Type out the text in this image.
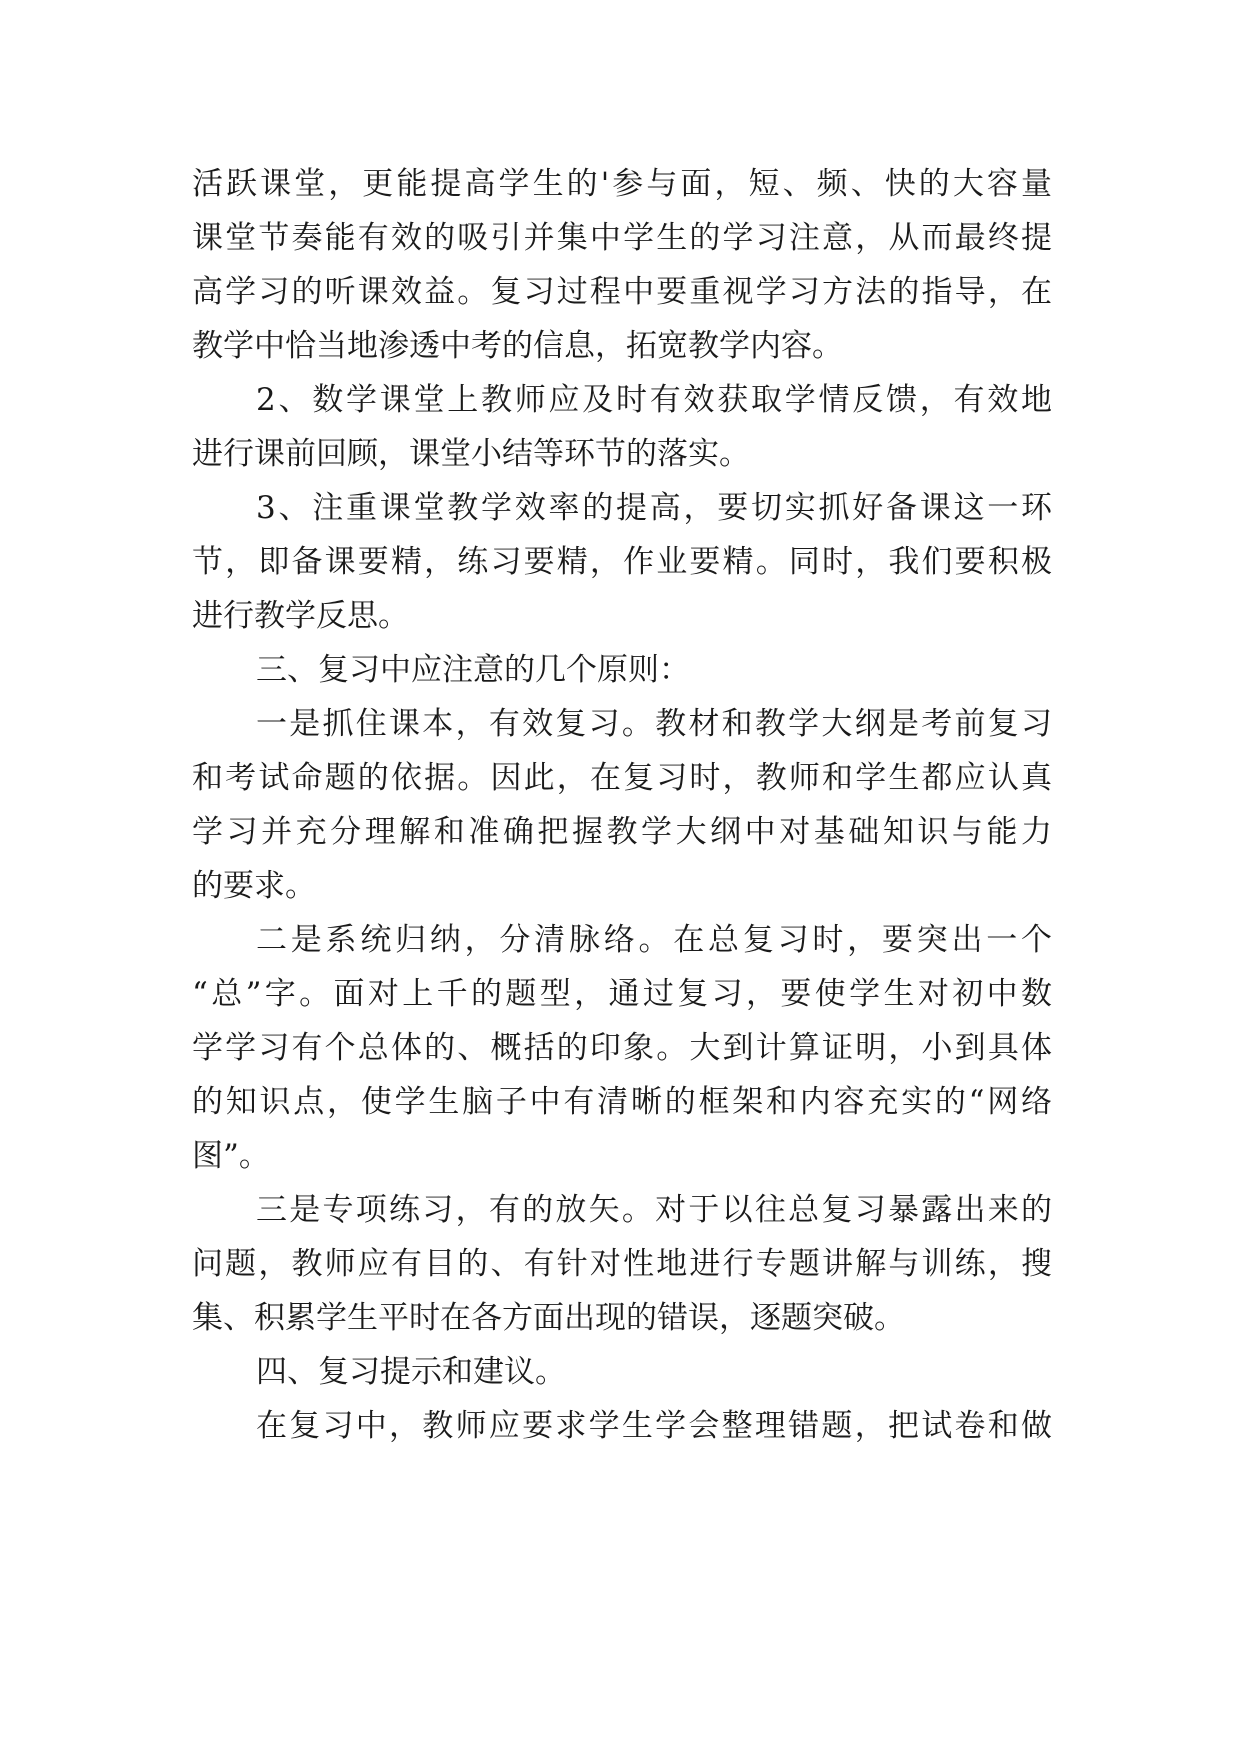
活跃课堂，更能提高学生的'参与面，短、频、快的大容量
课堂节奏能有效的吸引并集中学生的学习注意，从而最终提
高学习的听课效益。复习过程中要重视学习方法的指导，在
教学中恰当地渗透中考的信息，拓宽教学内容。
2、数学课堂上教师应及时有效获取学情反馈，有效地
进行课前回顾，课堂小结等环节的落实。
3、注重课堂教学效率的提高，要切实抓好备课这一环
节，即备课要精，练习要精，作业要精。同时，我们要积极
进行教学反思。
三、复习中应注意的几个原则：
一是抓住课本，有效复习。教材和教学大纲是考前复习
和考试命题的依据。因此，在复习时，教师和学生都应认真
学习并充分理解和准确把握教学大纲中对基础知识与能力
的要求。
二是系统归纳，分清脉络。在总复习时，要突出一个
“总”字。面对上千的题型，通过复习，要使学生对初中数
学学习有个总体的、概括的印象。大到计算证明，小到具体
的知识点，使学生脑子中有清晰的框架和内容充实的“网络
图”。
三是专项练习，有的放矢。对于以往总复习暴露出来的
问题，教师应有目的、有针对性地进行专题讲解与训练，搜
集、积累学生平时在各方面出现的错误，逐题突破。
四、复习提示和建议。
在复习中，教师应要求学生学会整理错题，把试卷和做
